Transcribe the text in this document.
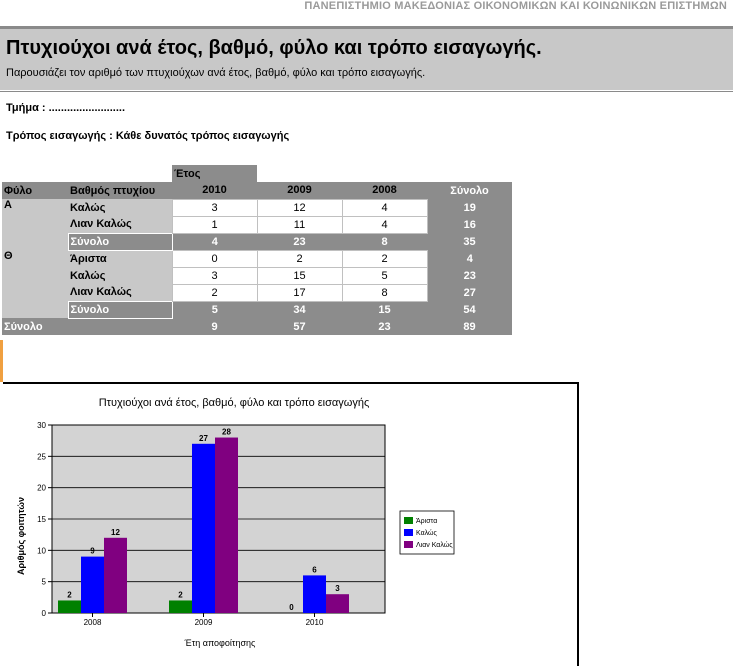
ΠΑΝΕΠΙΣΤΗΜΙΟ ΜΑΚΕΔΟΝΙΑΣ ΟΙΚΟΝΟΜΙΚΩΝ ΚΑΙ ΚΟΙΝΩΝΙΚΩΝ ΕΠΙΣΤΗΜΩΝ
Πτυχιούχοι ανά έτος, βαθμό, φύλο και τρόπο εισαγωγής.
Παρουσιάζει τον αριθμό των πτυχιούχων ανά έτος, βαθμό, φύλο και τρόπο εισαγωγής.
Τμήμα : .........................
Τρόπος εισαγωγής : Κάθε δυνατός τρόπος εισαγωγής
		Έτος			
Φύλο	Βαθμός πτυχίου	2010	2009	2008	Σύνολο
Α	Καλώς	3	12	4	19
	Λιαν Καλώς	1	11	4	16
	Σύνολο	4	23	8	35
Θ	Άριστα	0	2	2	4
	Καλώς	3	15	5	23
	Λιαν Καλώς	2	17	8	27
	Σύνολο	5	34	15	54
Σύνολο		9	57	23	89
Πτυχιούχοι ανά έτος, βαθμό, φύλο και τρόπο εισαγωγής
0
5
10
15
20
25
30
2
9
12
2008
2
27
28
2009
0
6
3
2010
Έτη αποφοίτησης
Αριθμός φοιτητών	Άριστα
Καλώς
Λιαν Καλώς
